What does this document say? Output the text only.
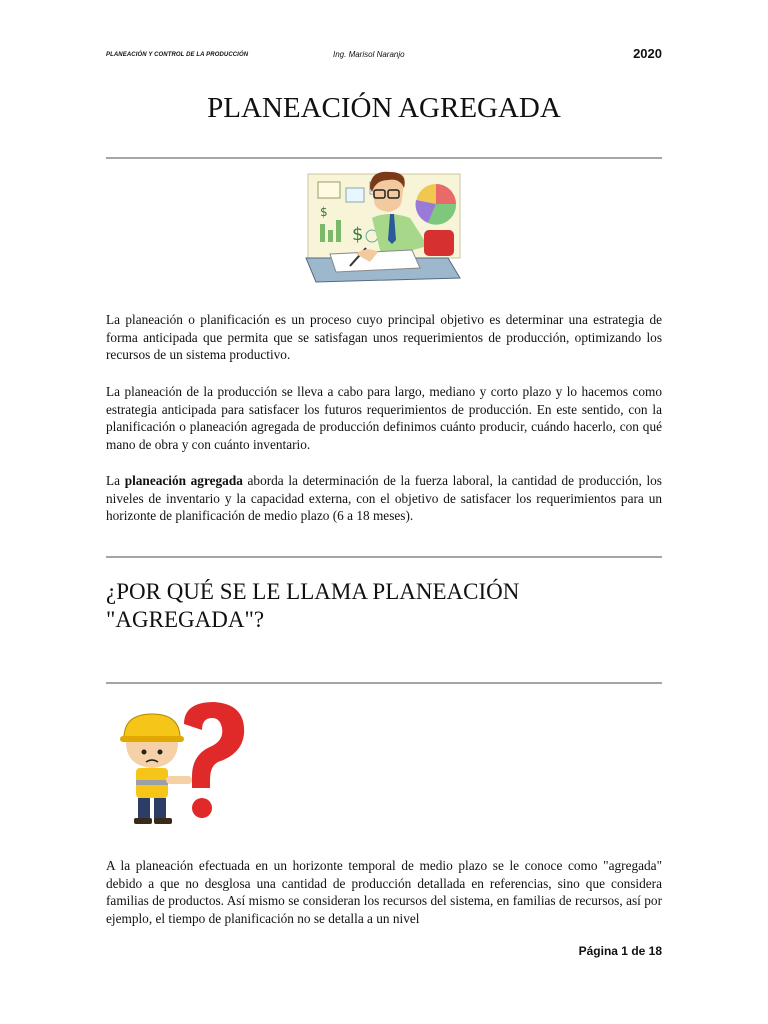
PLANEACIÓN Y CONTROL DE LA PRODUCCIÓN	Ing. Marisol Naranjo	2020
PLANEACIÓN AGREGADA
$
$

La planeación o planificación es un proceso cuyo principal objetivo es determinar una estrategia de forma anticipada que permita que se satisfagan unos requerimientos de producción, optimizando los recursos de un sistema productivo.

La planeación de la producción se lleva a cabo para largo, mediano y corto plazo y lo hacemos como estrategia anticipada para satisfacer los futuros requerimientos de producción. En este sentido, con la planificación o planeación agregada de producción definimos cuánto producir, cuándo hacerlo, con qué mano de obra y con cuánto inventario.

La planeación agregada aborda la determinación de la fuerza laboral, la cantidad de producción, los niveles de inventario y la capacidad externa, con el objetivo de satisfacer los requerimientos para un horizonte de planificación de medio plazo (6 a 18 meses).

¿POR QUÉ SE LE LLAMA PLANEACIÓN
"AGREGADA"?

A la planeación efectuada en un horizonte temporal de medio plazo se le conoce como "agregada" debido a que no desglosa una cantidad de producción detallada en referencias, sino que considera familias de productos. Así mismo se consideran los recursos del sistema, en familias de recursos, así por ejemplo, el tiempo de planificación no se detalla a un nivel

Página 1 de 18
